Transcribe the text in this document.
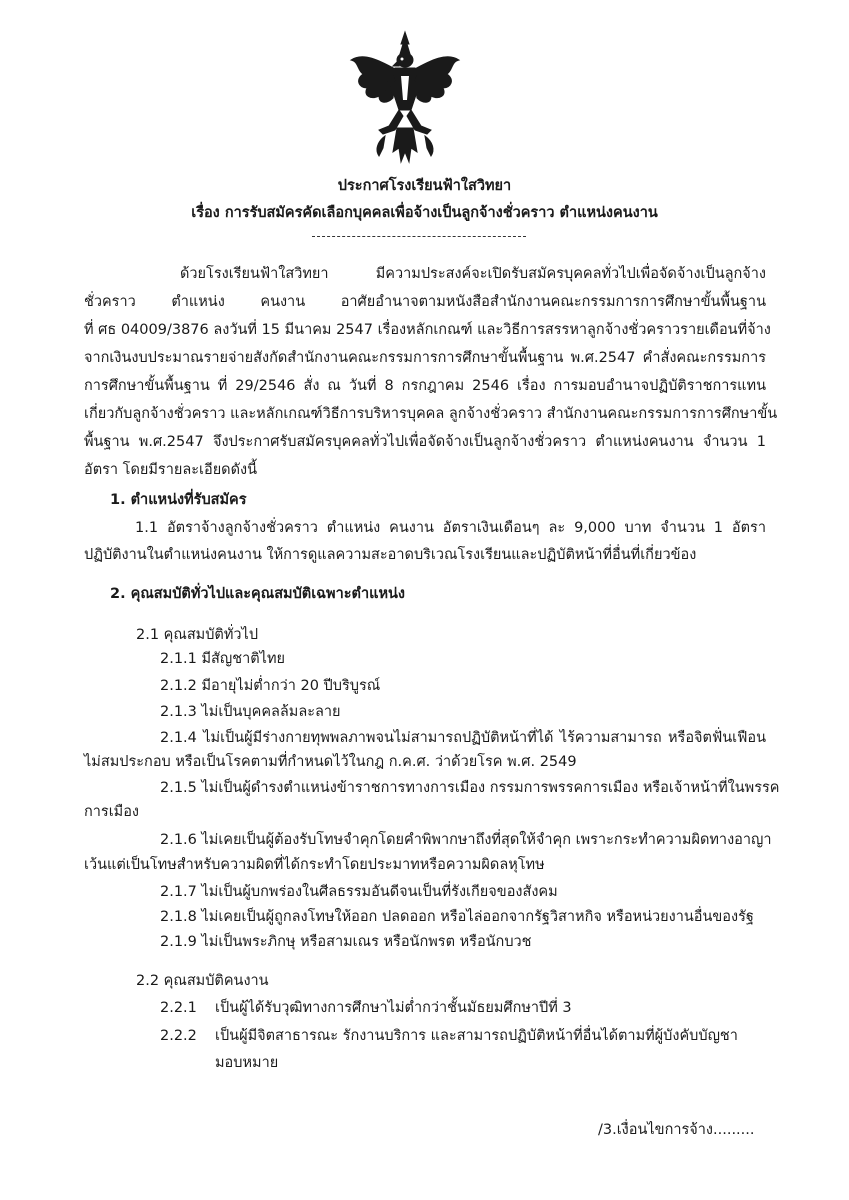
ประกาศโรงเรียนฟ้าใสวิทยา
เรื่อง การรับสมัครคัดเลือกบุคคลเพื่อจ้างเป็นลูกจ้างชั่วคราว ตำแหน่งคนงาน
ด้วยโรงเรียนฟ้าใสวิทยา มีความประสงค์จะเปิดรับสมัครบุคคลทั่วไปเพื่อจัดจ้างเป็นลูกจ้าง
ชั่วคราว ตำแหน่ง คนงาน อาศัยอำนาจตามหนังสือสำนักงานคณะกรรมการการศึกษาขั้นพื้นฐาน
ที่ ศธ 04009/3876 ลงวันที่ 15 มีนาคม 2547 เรื่องหลักเกณฑ์ และวิธีการสรรหาลูกจ้างชั่วคราวรายเดือนที่จ้าง
จากเงินงบประมาณรายจ่ายสังกัดสำนักงานคณะกรรมการการศึกษาขั้นพื้นฐาน พ.ศ.2547 คำสั่งคณะกรรมการ
การศึกษาขั้นพื้นฐาน ที่ 29/2546 สั่ง ณ วันที่ 8 กรกฎาคม 2546 เรื่อง การมอบอำนาจปฏิบัติราชการแทน
เกี่ยวกับลูกจ้างชั่วคราว และหลักเกณฑ์วิธีการบริหารบุคคล ลูกจ้างชั่วคราว สำนักงานคณะกรรมการการศึกษาขั้น
พื้นฐาน พ.ศ.2547 จึงประกาศรับสมัครบุคคลทั่วไปเพื่อจัดจ้างเป็นลูกจ้างชั่วคราว ตำแหน่งคนงาน จำนวน 1
อัตรา โดยมีรายละเอียดดังนี้
1. ตำแหน่งที่รับสมัคร
1.1 อัตราจ้างลูกจ้างชั่วคราว ตำแหน่ง คนงาน อัตราเงินเดือนๆ ละ 9,000 บาท จำนวน 1 อัตรา
ปฏิบัติงานในตำแหน่งคนงาน ให้การดูแลความสะอาดบริเวณโรงเรียนและปฏิบัติหน้าที่อื่นที่เกี่ยวข้อง
2. คุณสมบัติทั่วไปและคุณสมบัติเฉพาะตำแหน่ง
2.1 คุณสมบัติทั่วไป
2.1.1 มีสัญชาติไทย
2.1.2 มีอายุไม่ต่ำกว่า 20 ปีบริบูรณ์
2.1.3 ไม่เป็นบุคคลล้มละลาย
2.1.4 ไม่เป็นผู้มีร่างกายทุพพลภาพจนไม่สามารถปฏิบัติหน้าที่ได้ ไร้ความสามารถ หรือจิตฟั่นเฟือน
ไม่สมประกอบ หรือเป็นโรคตามที่กำหนดไว้ในกฎ ก.ค.ศ. ว่าด้วยโรค พ.ศ. 2549
2.1.5 ไม่เป็นผู้ดำรงตำแหน่งข้าราชการทางการเมือง กรรมการพรรคการเมือง หรือเจ้าหน้าที่ในพรรค
การเมือง
2.1.6 ไม่เคยเป็นผู้ต้องรับโทษจำคุกโดยคำพิพากษาถึงที่สุดให้จำคุก เพราะกระทำความผิดทางอาญา
เว้นแต่เป็นโทษสำหรับความผิดที่ได้กระทำโดยประมาทหรือความผิดลหุโทษ
2.1.7 ไม่เป็นผู้บกพร่องในศีลธรรมอันดีจนเป็นที่รังเกียจของสังคม
2.1.8 ไม่เคยเป็นผู้ถูกลงโทษให้ออก ปลดออก หรือไล่ออกจากรัฐวิสาหกิจ หรือหน่วยงานอื่นของรัฐ
2.1.9 ไม่เป็นพระภิกษุ หรือสามเณร หรือนักพรต หรือนักบวช
2.2 คุณสมบัติคนงาน
2.2.1 เป็นผู้ได้รับวุฒิทางการศึกษาไม่ต่ำกว่าชั้นมัธยมศึกษาปีที่ 3
2.2.2 เป็นผู้มีจิตสาธารณะ รักงานบริการ และสามารถปฏิบัติหน้าที่อื่นได้ตามที่ผู้บังคับบัญชา
มอบหมาย
/3.เงื่อนไขการจ้าง.........
